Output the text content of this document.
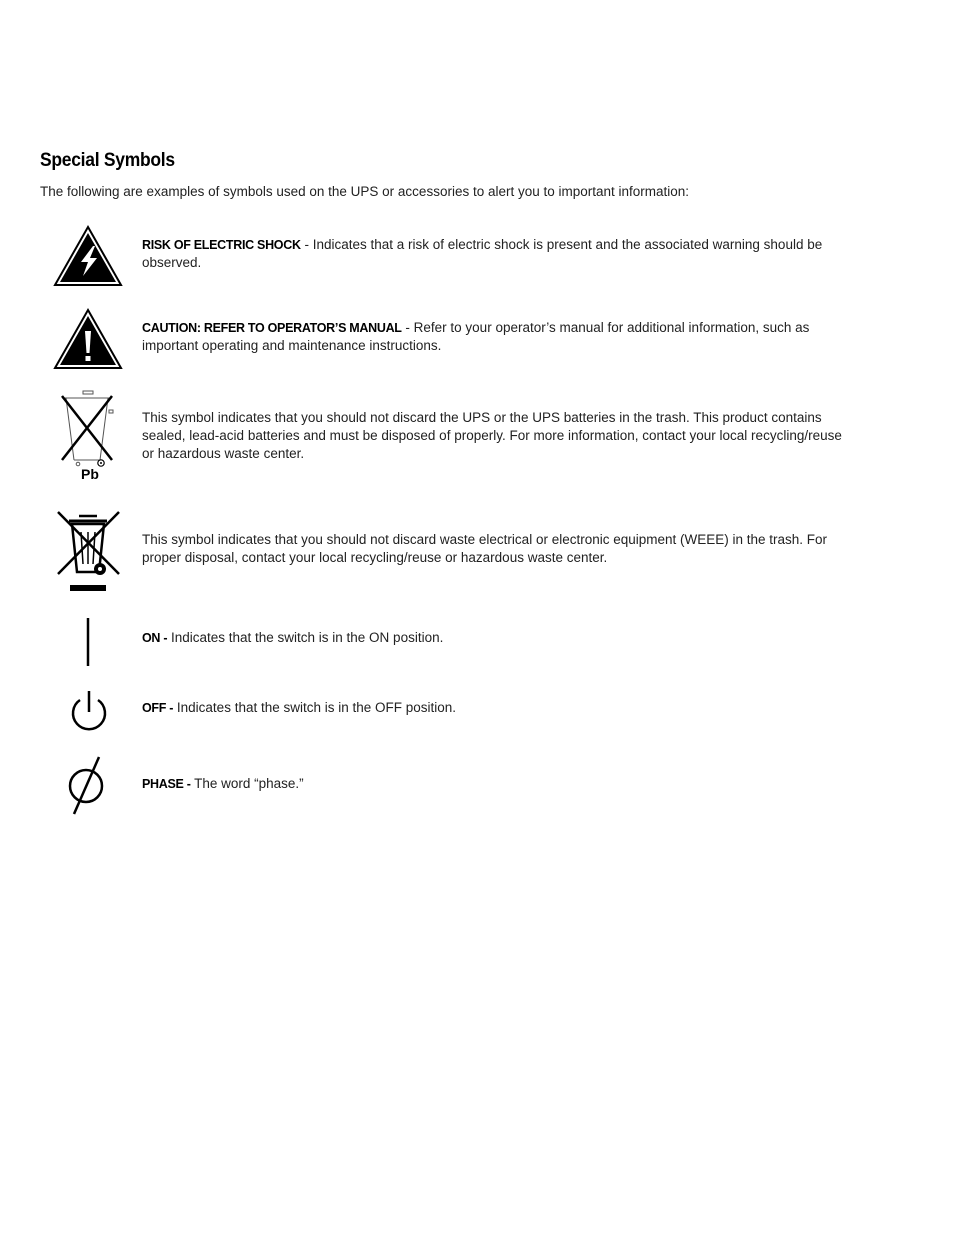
Special Symbols

The following are examples of symbols used on the UPS or accessories to alert you to important information:

RISK OF ELECTRIC SHOCK - Indicates that a risk of electric shock is present and the associated warning should be observed.

CAUTION: REFER TO OPERATOR’S MANUAL - Refer to your operator’s manual for additional information, such as important operating and maintenance instructions.

Pb

This symbol indicates that you should not discard the UPS or the UPS batteries in the trash. This product contains sealed, lead-acid batteries and must be disposed of properly. For more information, contact your local recycling/reuse or hazardous waste center.

This symbol indicates that you should not discard waste electrical or electronic equipment (WEEE) in the trash. For proper disposal, contact your local recycling/reuse or hazardous waste center.

ON - Indicates that the switch is in the ON position.

OFF - Indicates that the switch is in the OFF position.

PHASE - The word “phase.”
